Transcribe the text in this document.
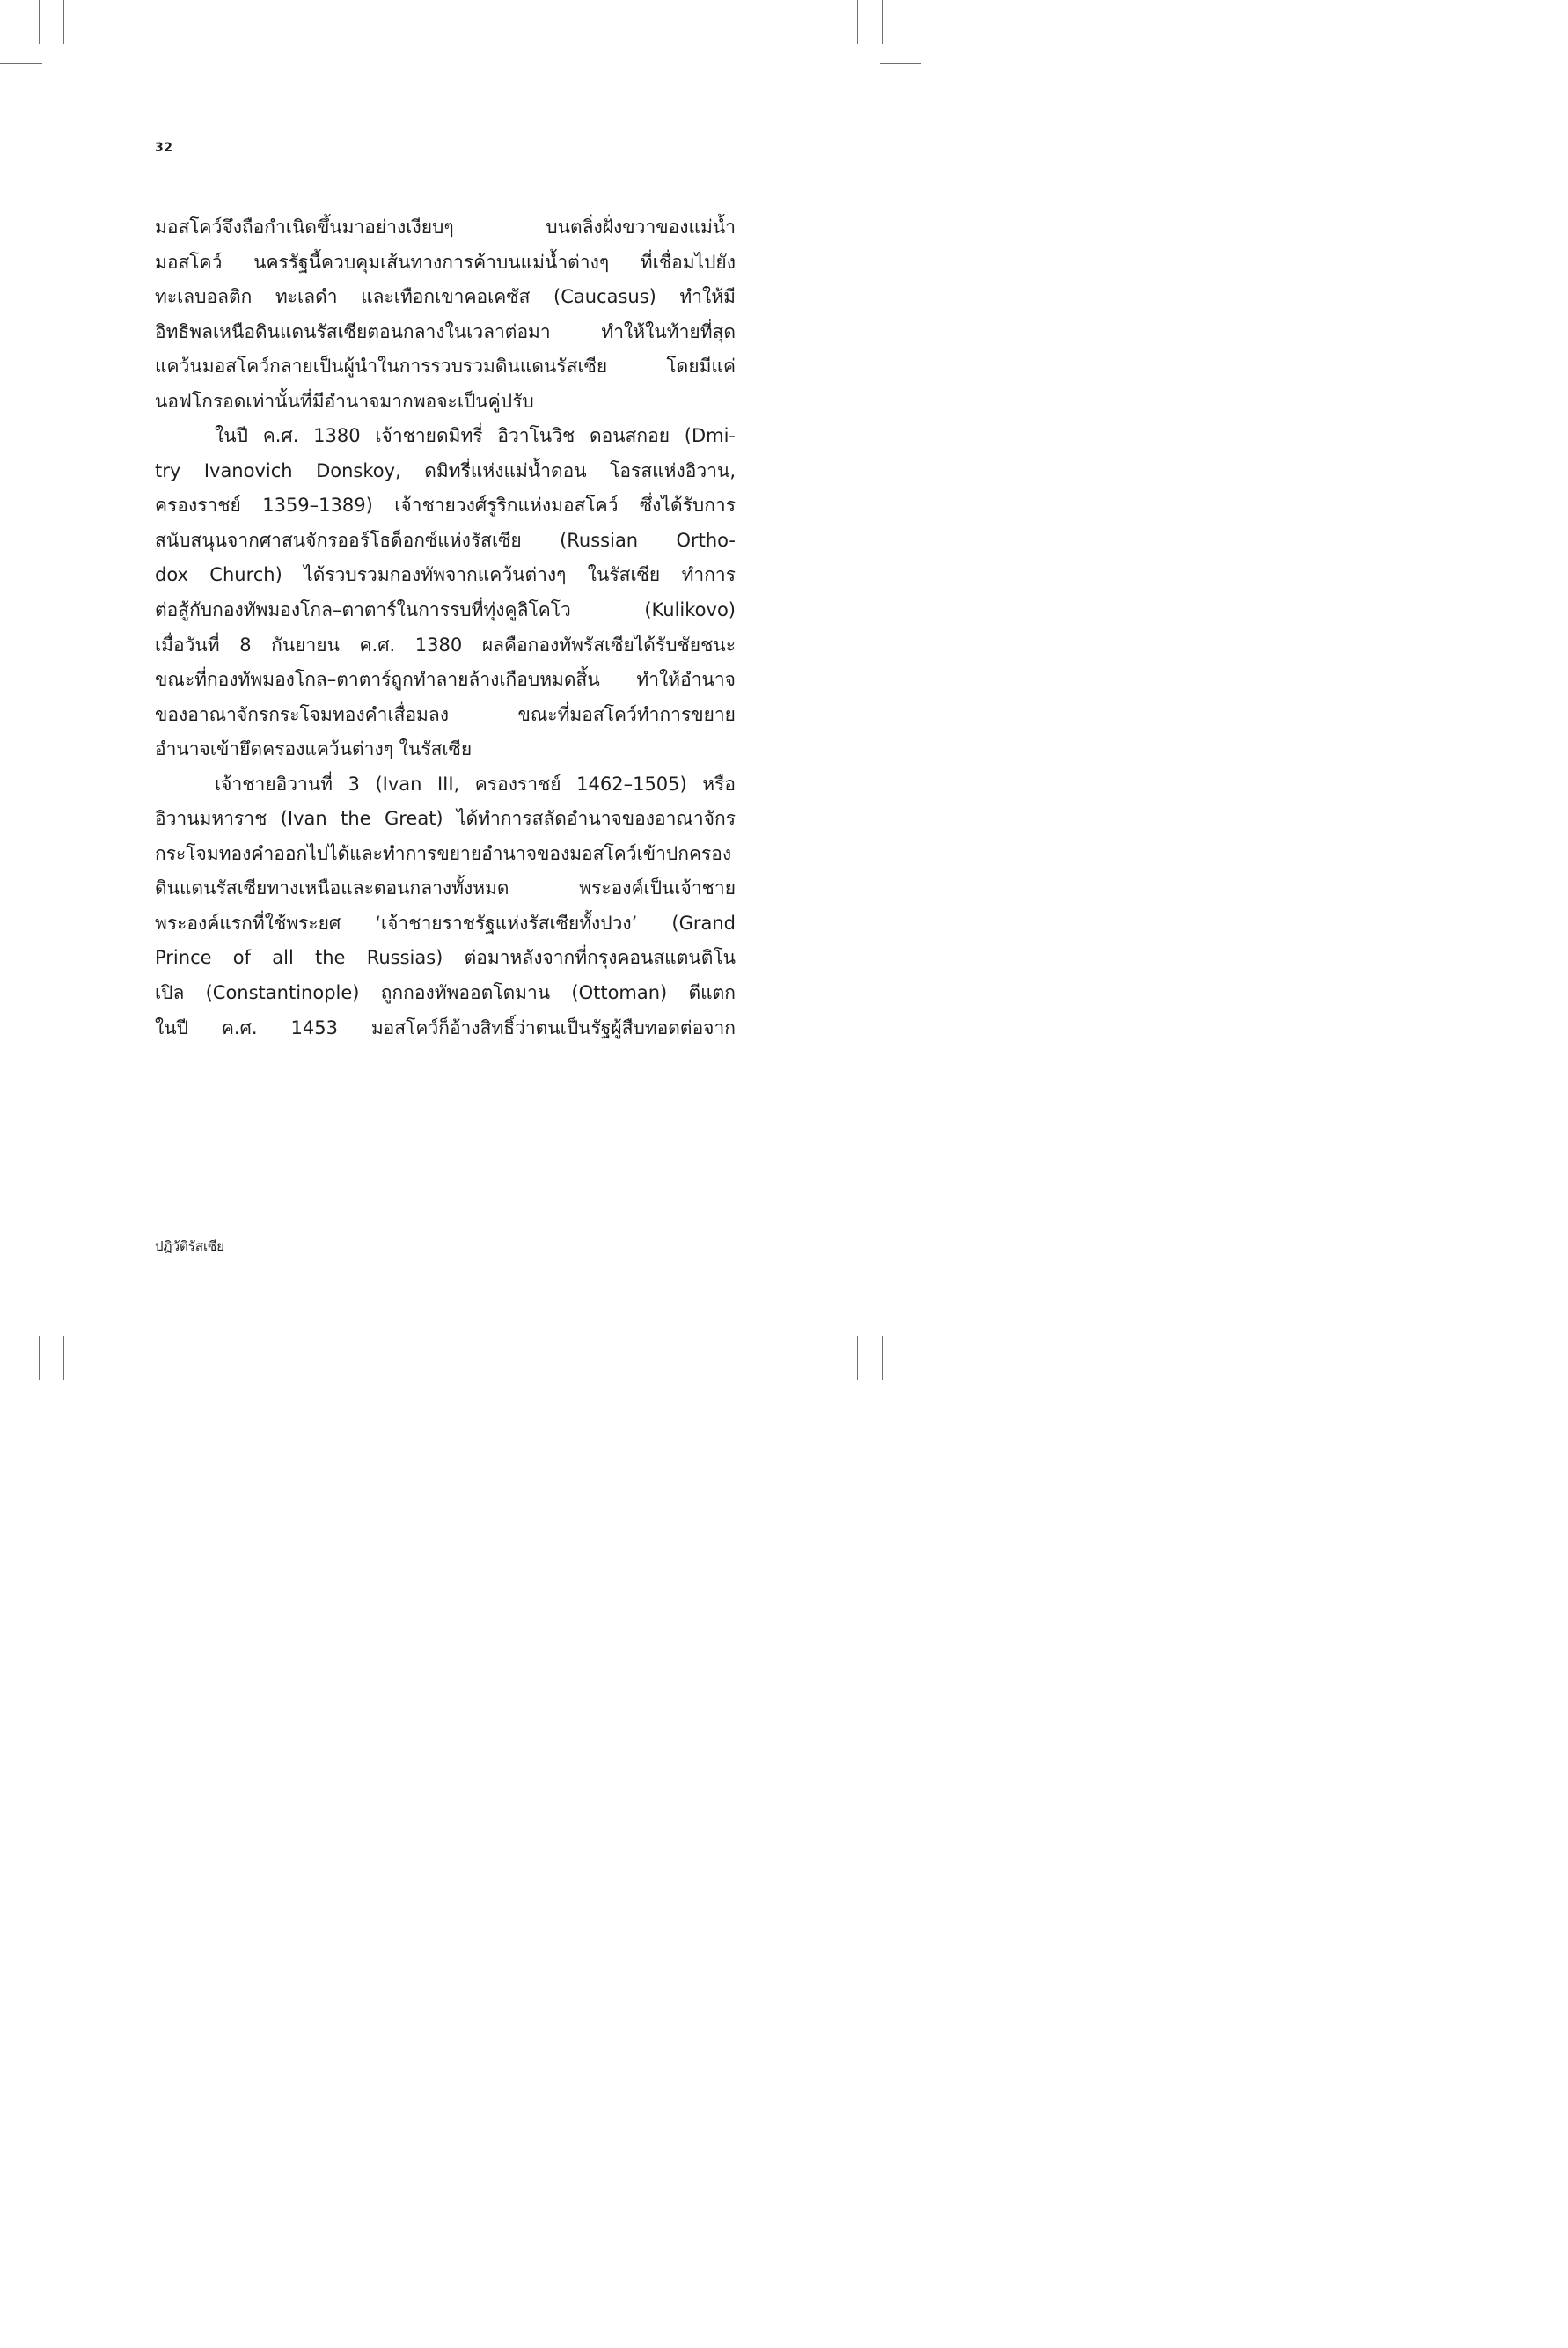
32
มอสโคว์จึงถือกำเนิดขึ้นมาอย่างเงียบๆ บนตลิ่งฝั่งขวาของแม่น้ำ
มอสโคว์ นครรัฐนี้ควบคุมเส้นทางการค้าบนแม่น้ำต่างๆ ที่เชื่อมไปยัง
ทะเลบอลติก ทะเลดำ และเทือกเขาคอเคซัส (Caucasus) ทำให้มี
อิทธิพลเหนือดินแดนรัสเซียตอนกลางในเวลาต่อมา ทำให้ในท้ายที่สุด
แคว้นมอสโคว์กลายเป็นผู้นำในการรวบรวมดินแดนรัสเซีย โดยมีแค่
นอฟโกรอดเท่านั้นที่มีอำนาจมากพอจะเป็นคู่ปรับ
ในปี ค.ศ. 1380 เจ้าชายดมิทรี่ อิวาโนวิช ดอนสกอย (Dmi-
try Ivanovich Donskoy, ดมิทรี่แห่งแม่น้ำดอน โอรสแห่งอิวาน,
ครองราชย์ 1359–1389) เจ้าชายวงศ์รูริกแห่งมอสโคว์ ซึ่งได้รับการ
สนับสนุนจากศาสนจักรออร์โธด็อกซ์แห่งรัสเซีย (Russian Ortho-
dox Church) ได้รวบรวมกองทัพจากแคว้นต่างๆ ในรัสเซีย ทำการ
ต่อสู้กับกองทัพมองโกล–ตาตาร์ในการรบที่ทุ่งคูลิโคโว (Kulikovo)
เมื่อวันที่ 8 กันยายน ค.ศ. 1380 ผลคือกองทัพรัสเซียได้รับชัยชนะ
ขณะที่กองทัพมองโกล–ตาตาร์ถูกทำลายล้างเกือบหมดสิ้น ทำให้อำนาจ
ของอาณาจักรกระโจมทองคำเสื่อมลง ขณะที่มอสโคว์ทำการขยาย
อำนาจเข้ายึดครองแคว้นต่างๆ ในรัสเซีย
เจ้าชายอิวานที่ 3 (Ivan III, ครองราชย์ 1462–1505) หรือ
อิวานมหาราช (Ivan the Great) ได้ทำการสลัดอำนาจของอาณาจักร
กระโจมทองคำออกไปได้และทำการขยายอำนาจของมอสโคว์เข้าปกครอง
ดินแดนรัสเซียทางเหนือและตอนกลางทั้งหมด พระองค์เป็นเจ้าชาย
พระองค์แรกที่ใช้พระยศ ‘เจ้าชายราชรัฐแห่งรัสเซียทั้งปวง’ (Grand
Prince of all the Russias) ต่อมาหลังจากที่กรุงคอนสแตนติโน
เปิล (Constantinople) ถูกกองทัพออตโตมาน (Ottoman) ตีแตก
ในปี ค.ศ. 1453 มอสโคว์ก็อ้างสิทธิ์ว่าตนเป็นรัฐผู้สืบทอดต่อจาก
ปฏิวัติรัสเซีย
